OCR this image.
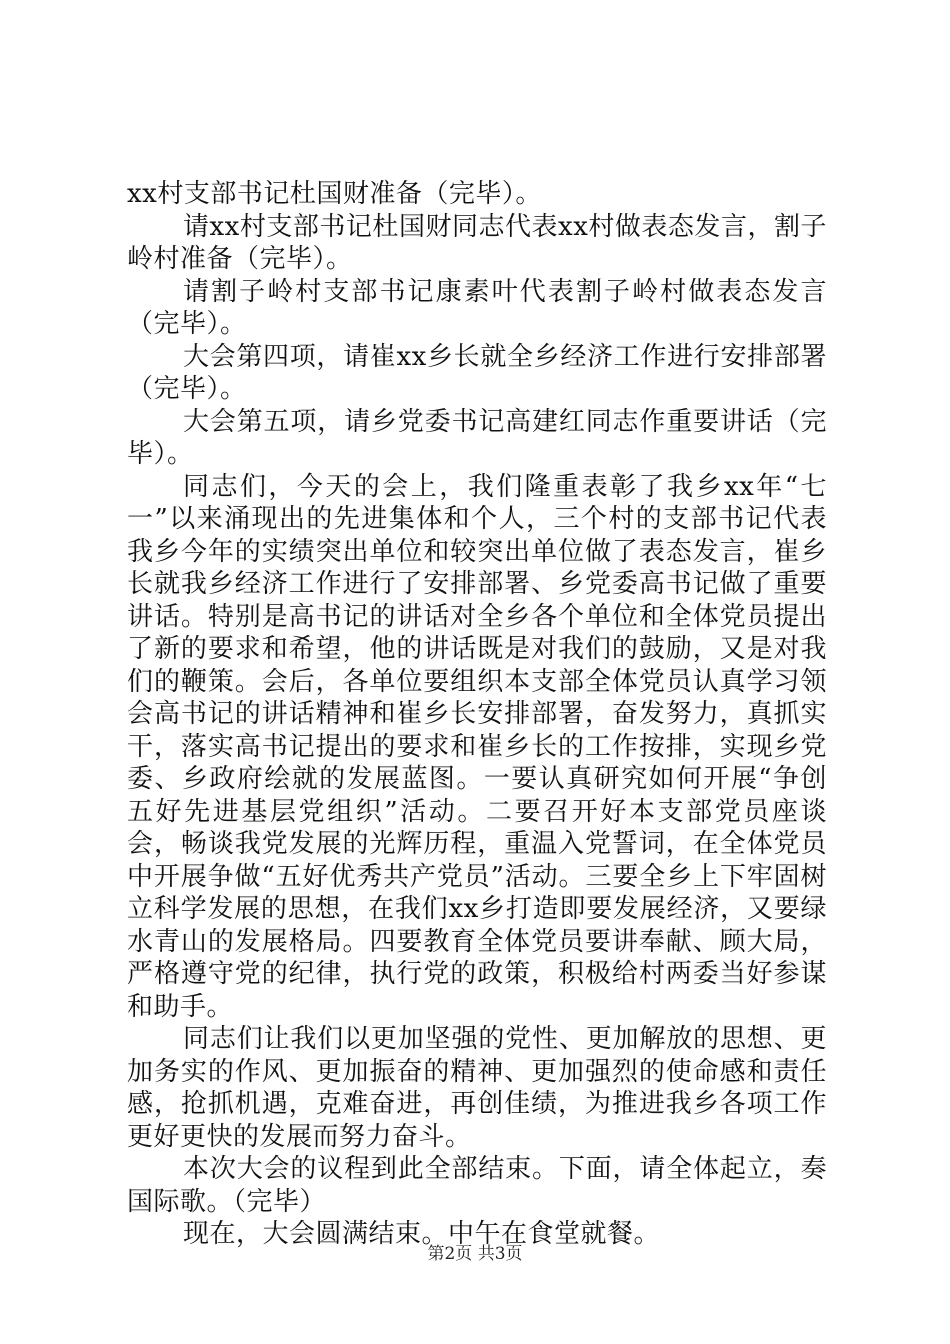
xx村支部书记杜国财准备（完毕）。

请xx村支部书记杜国财同志代表xx村做表态发言，割子岭村准备（完毕）。

请割子岭村支部书记康素叶代表割子岭村做表态发言（完毕）。

大会第四项，请崔xx乡长就全乡经济工作进行安排部署（完毕）。

大会第五项，请乡党委书记高建红同志作重要讲话（完毕）。

同志们，今天的会上，我们隆重表彰了我乡xx年“七一”以来涌现出的先进集体和个人，三个村的支部书记代表我乡今年的实绩突出单位和较突出单位做了表态发言，崔乡长就我乡经济工作进行了安排部署、乡党委高书记做了重要讲话。特别是高书记的讲话对全乡各个单位和全体党员提出了新的要求和希望，他的讲话既是对我们的鼓励，又是对我们的鞭策。会后，各单位要组织本支部全体党员认真学习领会高书记的讲话精神和崔乡长安排部署，奋发努力，真抓实干，落实高书记提出的要求和崔乡长的工作按排，实现乡党委、乡政府绘就的发展蓝图。一要认真研究如何开展“争创五好先进基层党组织”活动。二要召开好本支部党员座谈会，畅谈我党发展的光辉历程，重温入党誓词，在全体党员中开展争做“五好优秀共产党员”活动。三要全乡上下牢固树立科学发展的思想，在我们xx乡打造即要发展经济，又要绿水青山的发展格局。四要教育全体党员要讲奉献、顾大局，严格遵守党的纪律，执行党的政策，积极给村两委当好参谋和助手。

同志们让我们以更加坚强的党性、更加解放的思想、更加务实的作风、更加振奋的精神、更加强烈的使命感和责任感，抢抓机遇，克难奋进，再创佳绩，为推进我乡各项工作更好更快的发展而努力奋斗。

本次大会的议程到此全部结束。下面，请全体起立，奏国际歌。（完毕）

现在，大会圆满结束。中午在食堂就餐。

第2页 共3页
